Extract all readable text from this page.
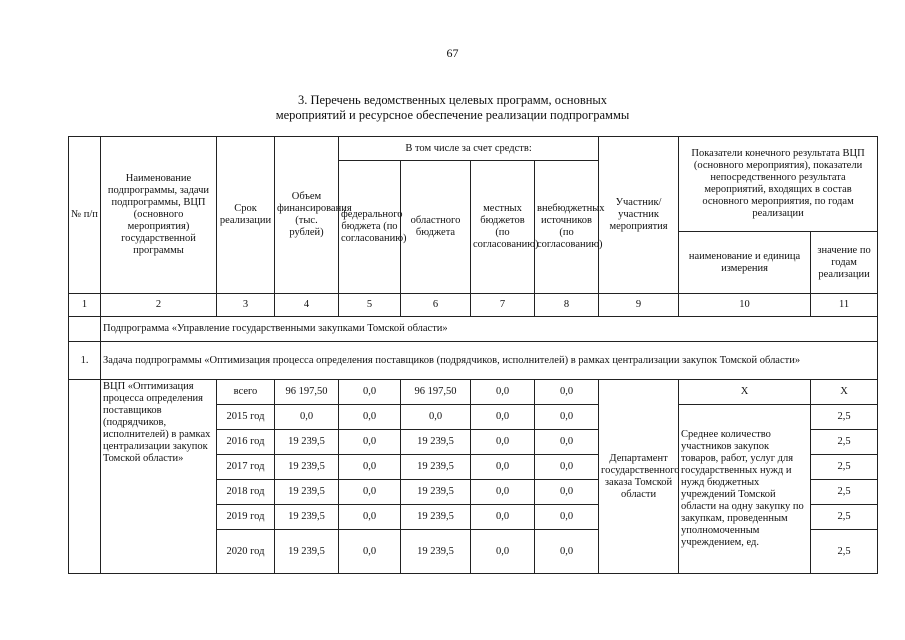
67
3. Перечень ведомственных целевых программ, основных
мероприятий и ресурсное обеспечение реализации подпрограммы
№ п/п	Наименование подпрограммы, задачи подпрограммы, ВЦП (основного мероприятия) государственной программы	Срок реализации	Объем финансирования (тыс. рублей)	В том числе за счет средств:				Участник/ участник мероприятия	Показатели конечного результата ВЦП (основного мероприятия), показатели непосредственного результата мероприятий, входящих в состав основного мероприятия, по годам реализации	
				федерального бюджета (по согласованию)	областного бюджета	местных бюджетов (по согласованию)	внебюджетных источников (по согласованию)			
									наименование и единица измерения	значение по годам реализации
1	2	3	4	5	6	7	8	9	10	11
	Подпрограмма «Управление государственными закупками Томской области»									
1.	Задача подпрограммы «Оптимизация процесса определения поставщиков (подрядчиков, исполнителей) в рамках централизации закупок Томской области»									
	ВЦП «Оптимизация процесса определения поставщиков (подрядчиков, исполнителей) в рамках централизации закупок Томской области»	всего	96 197,50	0,0	96 197,50	0,0	0,0	Департамент государственного заказа Томской области	Х	Х
		2015 год	0,0	0,0	0,0	0,0	0,0		Среднее количество участников закупок товаров, работ, услуг для государственных нужд и нужд бюджетных учреждений Томской области на одну закупку по закупкам, проведенным уполномоченным учреждением, ед.	2,5
		2016 год	19 239,5	0,0	19 239,5	0,0	0,0			2,5
		2017 год	19 239,5	0,0	19 239,5	0,0	0,0			2,5
		2018 год	19 239,5	0,0	19 239,5	0,0	0,0			2,5
		2019 год	19 239,5	0,0	19 239,5	0,0	0,0			2,5
		2020 год	19 239,5	0,0	19 239,5	0,0	0,0			2,5
